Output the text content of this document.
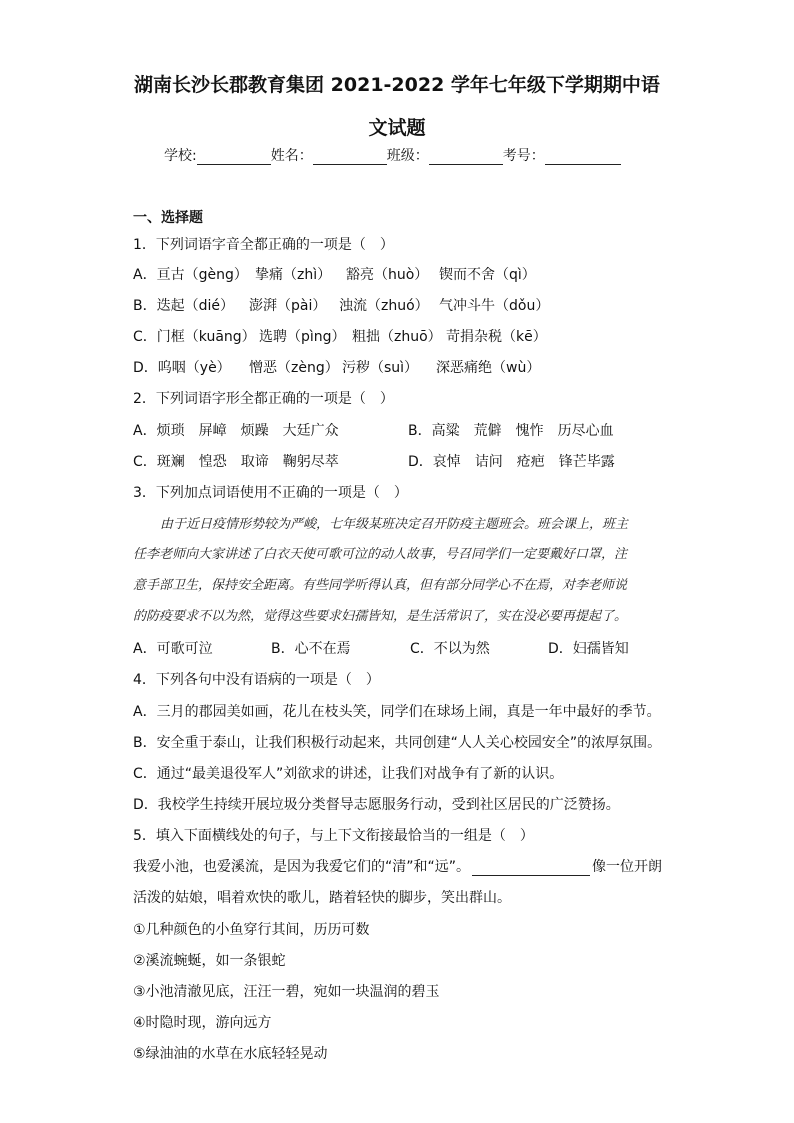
湖南长沙长郡教育集团 2021-2022 学年七年级下学期期中语
文试题
学校:	姓名：	班级：	考号：
一、选择题
1．下列词语字音全都正确的一项是（　）
A．亘古（gèng） 挚痛（zhì） 豁亮（huò） 锲而不舍（qì）
B．迭起（dié） 澎湃（pài） 浊流（zhuó） 气冲斗牛（dǒu）
C．门框（kuāng） 选聘（pìng） 粗拙（zhuō） 苛捐杂税（kē）
D．呜咽（yè） 憎恶（zèng） 污秽（suì） 深恶痛绝（wù）
2．下列词语字形全都正确的一项是（　）
A．烦琐　屏嶂　烦躁　大廷广众	B．高粱　荒僻　愧怍　历尽心血
C．斑斓　惶恐　取谛　鞠躬尽萃	D．哀悼　诘问　疮疤　锋芒毕露
3．下列加点词语使用不正确的一项是（　）
由于近日疫情形势较为严峻，七年级某班决定召开防疫主题班会。班会课上，班主
任李老师向大家讲述了白衣天使可歌可泣的动人故事，号召同学们一定要戴好口罩，注
意手部卫生，保持安全距离。有些同学听得认真，但有部分同学心不在焉，对李老师说
的防疫要求不以为然，觉得这些要求妇孺皆知，是生活常识了，实在没必要再提起了。
A．可歌可泣	B．心不在焉	C．不以为然	D．妇孺皆知
4．下列各句中没有语病的一项是（　）
A．三月的郡园美如画，花儿在枝头笑，同学们在球场上闹，真是一年中最好的季节。
B．安全重于泰山，让我们积极行动起来，共同创建“人人关心校园安全”的浓厚氛围。
C．通过“最美退役军人”刘欲求的讲述，让我们对战争有了新的认识。
D．我校学生持续开展垃圾分类督导志愿服务行动，受到社区居民的广泛赞扬。
5．填入下面横线处的句子，与上下文衔接最恰当的一组是（　）
我爱小池，也爱溪流，是因为我爱它们的“清”和“远”。	像一位开朗
活泼的姑娘，唱着欢快的歌儿，踏着轻快的脚步，笑出群山。
①几种颜色的小鱼穿行其间，历历可数
②溪流蜿蜒，如一条银蛇
③小池清澈见底，汪汪一碧，宛如一块温润的碧玉
④时隐时现，游向远方
⑤绿油油的水草在水底轻轻晃动
